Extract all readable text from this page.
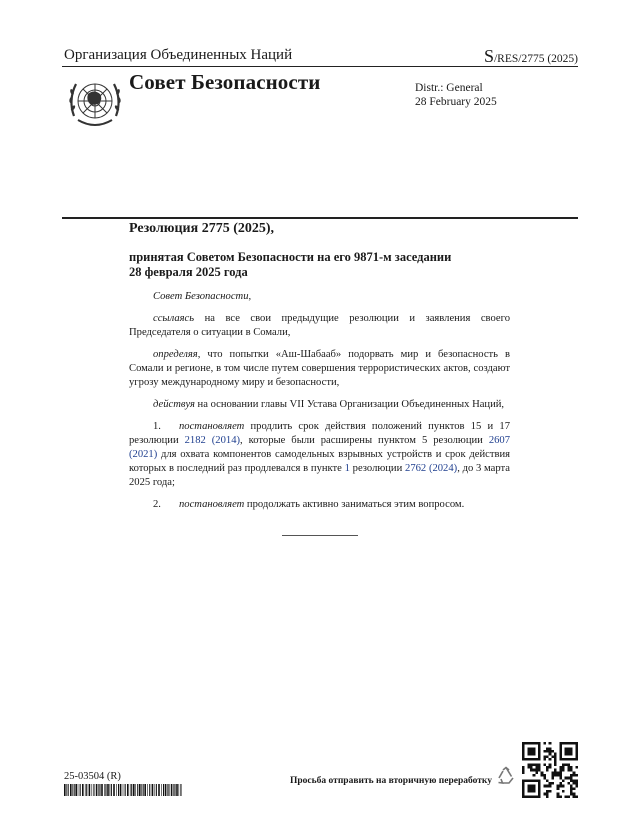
Организация Объединенных Наций	S/RES/2775 (2025)
Совет Безопасности	Distr.: General
28 February 2025
Резолюция 2775 (2025),
принятая Советом Безопасности на его 9871-м заседании
28 февраля 2025 года

Совет Безопасности,

ссылаясь на все свои предыдущие резолюции и заявления своего Председателя о ситуации в Сомали,

определяя, что попытки «Аш-Шабааб» подорвать мир и безопасность в Сомали и регионе, в том числе путем совершения террористических актов, создают угрозу международному миру и безопасности,

действуя на основании главы VII Устава Организации Объединенных Наций,

1. постановляет продлить срок действия положений пунктов 15 и 17 резолюции 2182 (2014), которые были расширены пунктом 5 резолюции 2607 (2021) для охвата компонентов самодельных взрывных устройств и срок действия которых в последний раз продлевался в пункте 1 резолюции 2762 (2024), до 3 марта 2025 года;

2. постановляет продолжать активно заниматься этим вопросом.

25-03504 (R)	Просьба отправить на вторичную переработку
